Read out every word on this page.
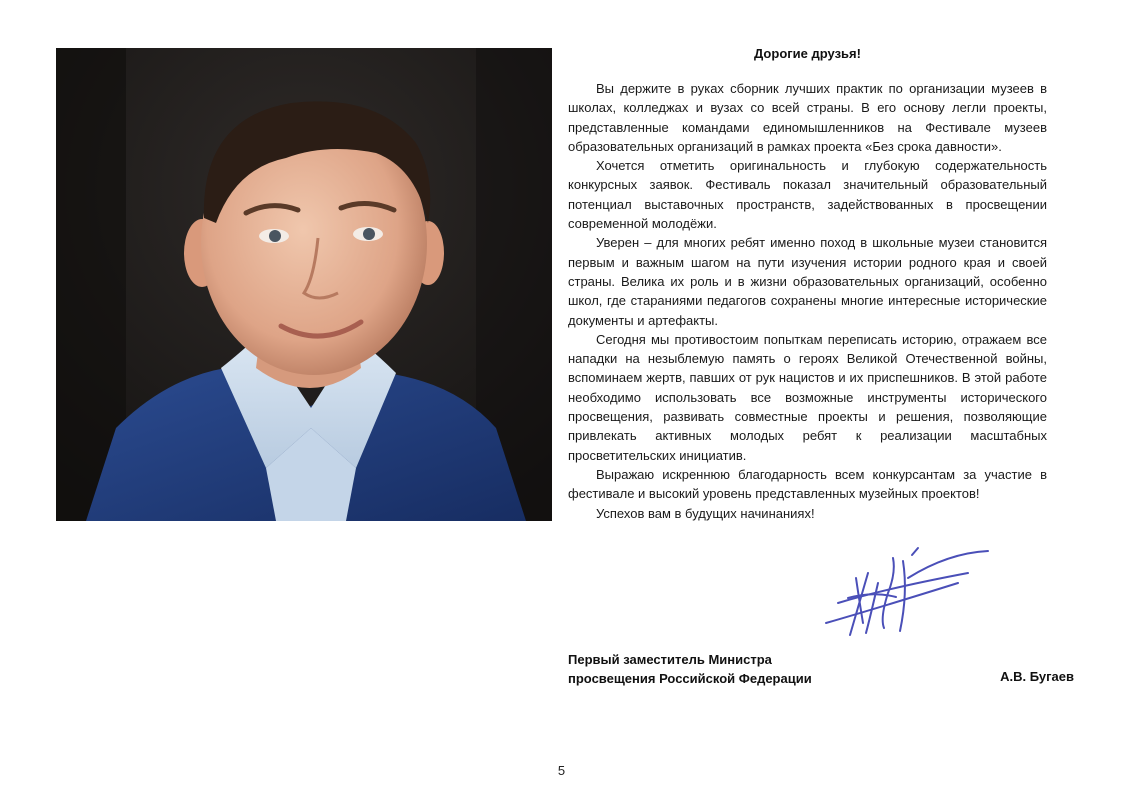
Дорогие друзья!

Вы держите в руках сборник лучших практик по организации музеев в школах, колледжах и вузах со всей страны. В его основу легли проекты, представленные командами единомышленников на Фестивале музеев образовательных организаций в рамках проекта «Без срока давности».

Хочется отметить оригинальность и глубокую содержательность конкурсных заявок. Фестиваль показал значительный образовательный потенциал выставочных пространств, задействованных в просвещении современной молодёжи.

Уверен – для многих ребят именно поход в школьные музеи становится первым и важным шагом на пути изучения истории родного края и своей страны. Велика их роль и в жизни образовательных организаций, особенно школ, где стараниями педагогов сохранены многие интересные исторические документы и артефакты.

Сегодня мы противостоим попыткам переписать историю, отражаем все нападки на незыблемую память о героях Великой Отечественной войны, вспоминаем жертв, павших от рук нацистов и их приспешников. В этой работе необходимо использовать все возможные инструменты исторического просвещения, развивать совместные проекты и решения, позволяющие привлекать активных молодых ребят к реализации масштабных просветительских инициатив.

Выражаю искреннюю благодарность всем конкурсантам за участие в фестивале и высокий уровень представленных музейных проектов!

Успехов вам в будущих начинаниях!

Первый заместитель Министра
просвещения Российской Федерации	А.В. Бугаев
5
